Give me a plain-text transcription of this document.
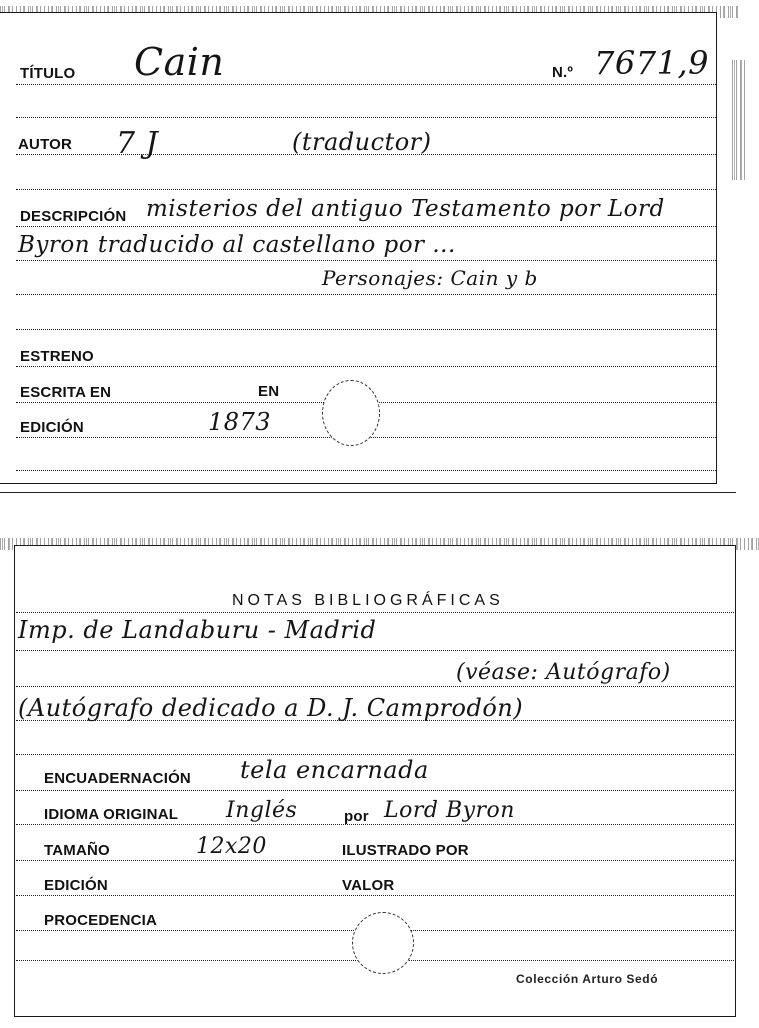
TÍTULO Cain	N.º 7671,9
AUTOR 7 J	(traductor)
DESCRIPCIÓN misterios del antiguo Testamento por Lord
Byron traducido al castellano por ...
Personajes: Cain y b
ESTRENO
ESCRITA EN	EN
EDICIÓN	1873
NOTAS BIBLIOGRÁFICAS
Imp. de Landaburu - Madrid
(véase: Autógrafo)
(Autógrafo dedicado a D. J. Camprodón)
ENCUADERNACIÓN tela encarnada
IDIOMA ORIGINAL Inglés	por Lord Byron
TAMAÑO	12x20	ILUSTRADO POR
EDICIÓN	VALOR
PROCEDENCIA
Colección Arturo Sedó
